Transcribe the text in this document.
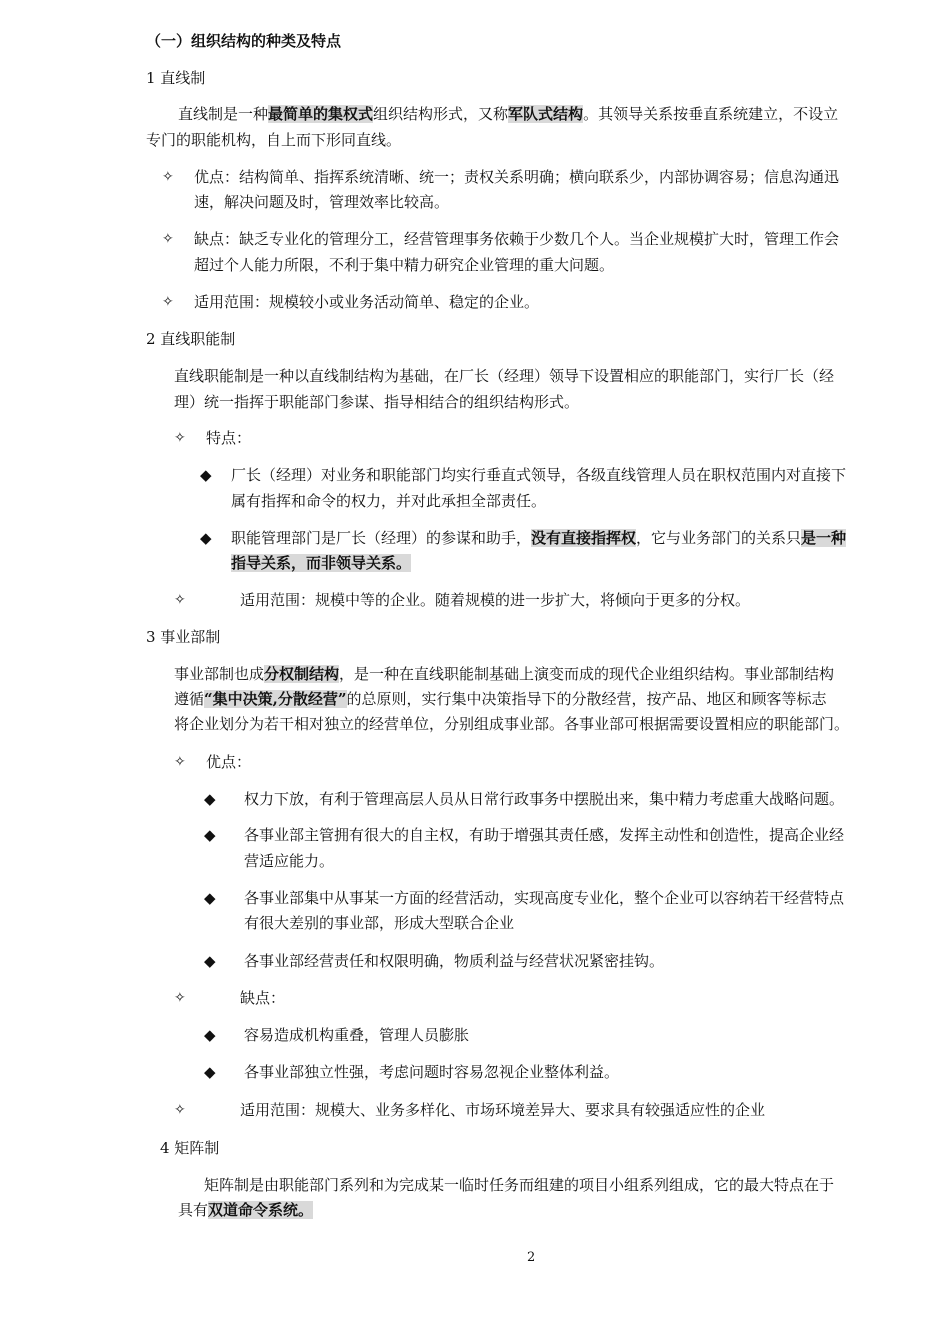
（一）组织结构的种类及特点
1 直线制
直线制是一种最简单的集权式组织结构形式，又称军队式结构。其领导关系按垂直系统建立，不设立
专门的职能机构，自上而下形同直线。
✧ 优点：结构简单、指挥系统清晰、统一；责权关系明确；横向联系少，内部协调容易；信息沟通迅
速，解决问题及时，管理效率比较高。
✧ 缺点：缺乏专业化的管理分工，经营管理事务依赖于少数几个人。当企业规模扩大时，管理工作会
超过个人能力所限，不利于集中精力研究企业管理的重大问题。
✧ 适用范围：规模较小或业务活动简单、稳定的企业。
2 直线职能制
直线职能制是一种以直线制结构为基础，在厂长（经理）领导下设置相应的职能部门，实行厂长（经
理）统一指挥于职能部门参谋、指导相结合的组织结构形式。
✧ 特点：
◆ 厂长（经理）对业务和职能部门均实行垂直式领导，各级直线管理人员在职权范围内对直接下
属有指挥和命令的权力，并对此承担全部责任。
◆ 职能管理部门是厂长（经理）的参谋和助手，没有直接指挥权，它与业务部门的关系只是一种
指导关系，而非领导关系。
✧	适用范围：规模中等的企业。随着规模的进一步扩大，将倾向于更多的分权。
3 事业部制
事业部制也成分权制结构，是一种在直线职能制基础上演变而成的现代企业组织结构。事业部制结构
遵循“集中决策,分散经营”的总原则，实行集中决策指导下的分散经营，按产品、地区和顾客等标志
将企业划分为若干相对独立的经营单位，分别组成事业部。各事业部可根据需要设置相应的职能部门。
✧ 优点：
◆ 权力下放，有利于管理高层人员从日常行政事务中摆脱出来，集中精力考虑重大战略问题。
◆ 各事业部主管拥有很大的自主权，有助于增强其责任感，发挥主动性和创造性，提高企业经
营适应能力。
◆ 各事业部集中从事某一方面的经营活动，实现高度专业化，整个企业可以容纳若干经营特点
有很大差别的事业部，形成大型联合企业
◆ 各事业部经营责任和权限明确，物质利益与经营状况紧密挂钩。
✧	缺点：
◆ 容易造成机构重叠，管理人员膨胀
◆ 各事业部独立性强，考虑问题时容易忽视企业整体利益。
✧	适用范围：规模大、业务多样化、市场环境差异大、要求具有较强适应性的企业
4 矩阵制
矩阵制是由职能部门系列和为完成某一临时任务而组建的项目小组系列组成，它的最大特点在于
具有双道命令系统。
2
